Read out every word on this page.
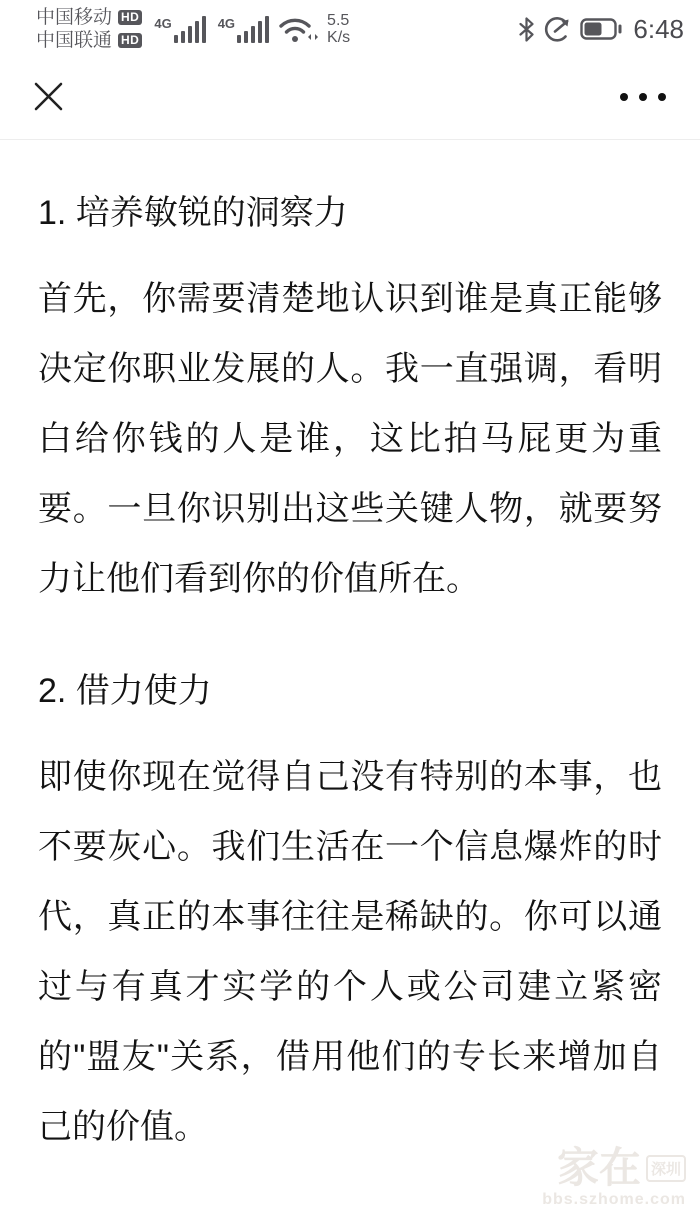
中国移动 HD
中国联通 HD
4G	4G	5.5
K/s	6:48
1. 培养敏锐的洞察力
首先，你需要清楚地认识到谁是真正能够决定你职业发展的人。我一直强调，看明白给你钱的人是谁，这比拍马屁更为重要。一旦你识别出这些关键人物，就要努力让他们看到你的价值所在。
2. 借力使力
即使你现在觉得自己没有特别的本事，也不要灰心。我们生活在一个信息爆炸的时代，真正的本事往往是稀缺的。你可以通过与有真才实学的个人或公司建立紧密的"盟友"关系，借用他们的专长来增加自己的价值。
家在 深圳
bbs.szhome.com
